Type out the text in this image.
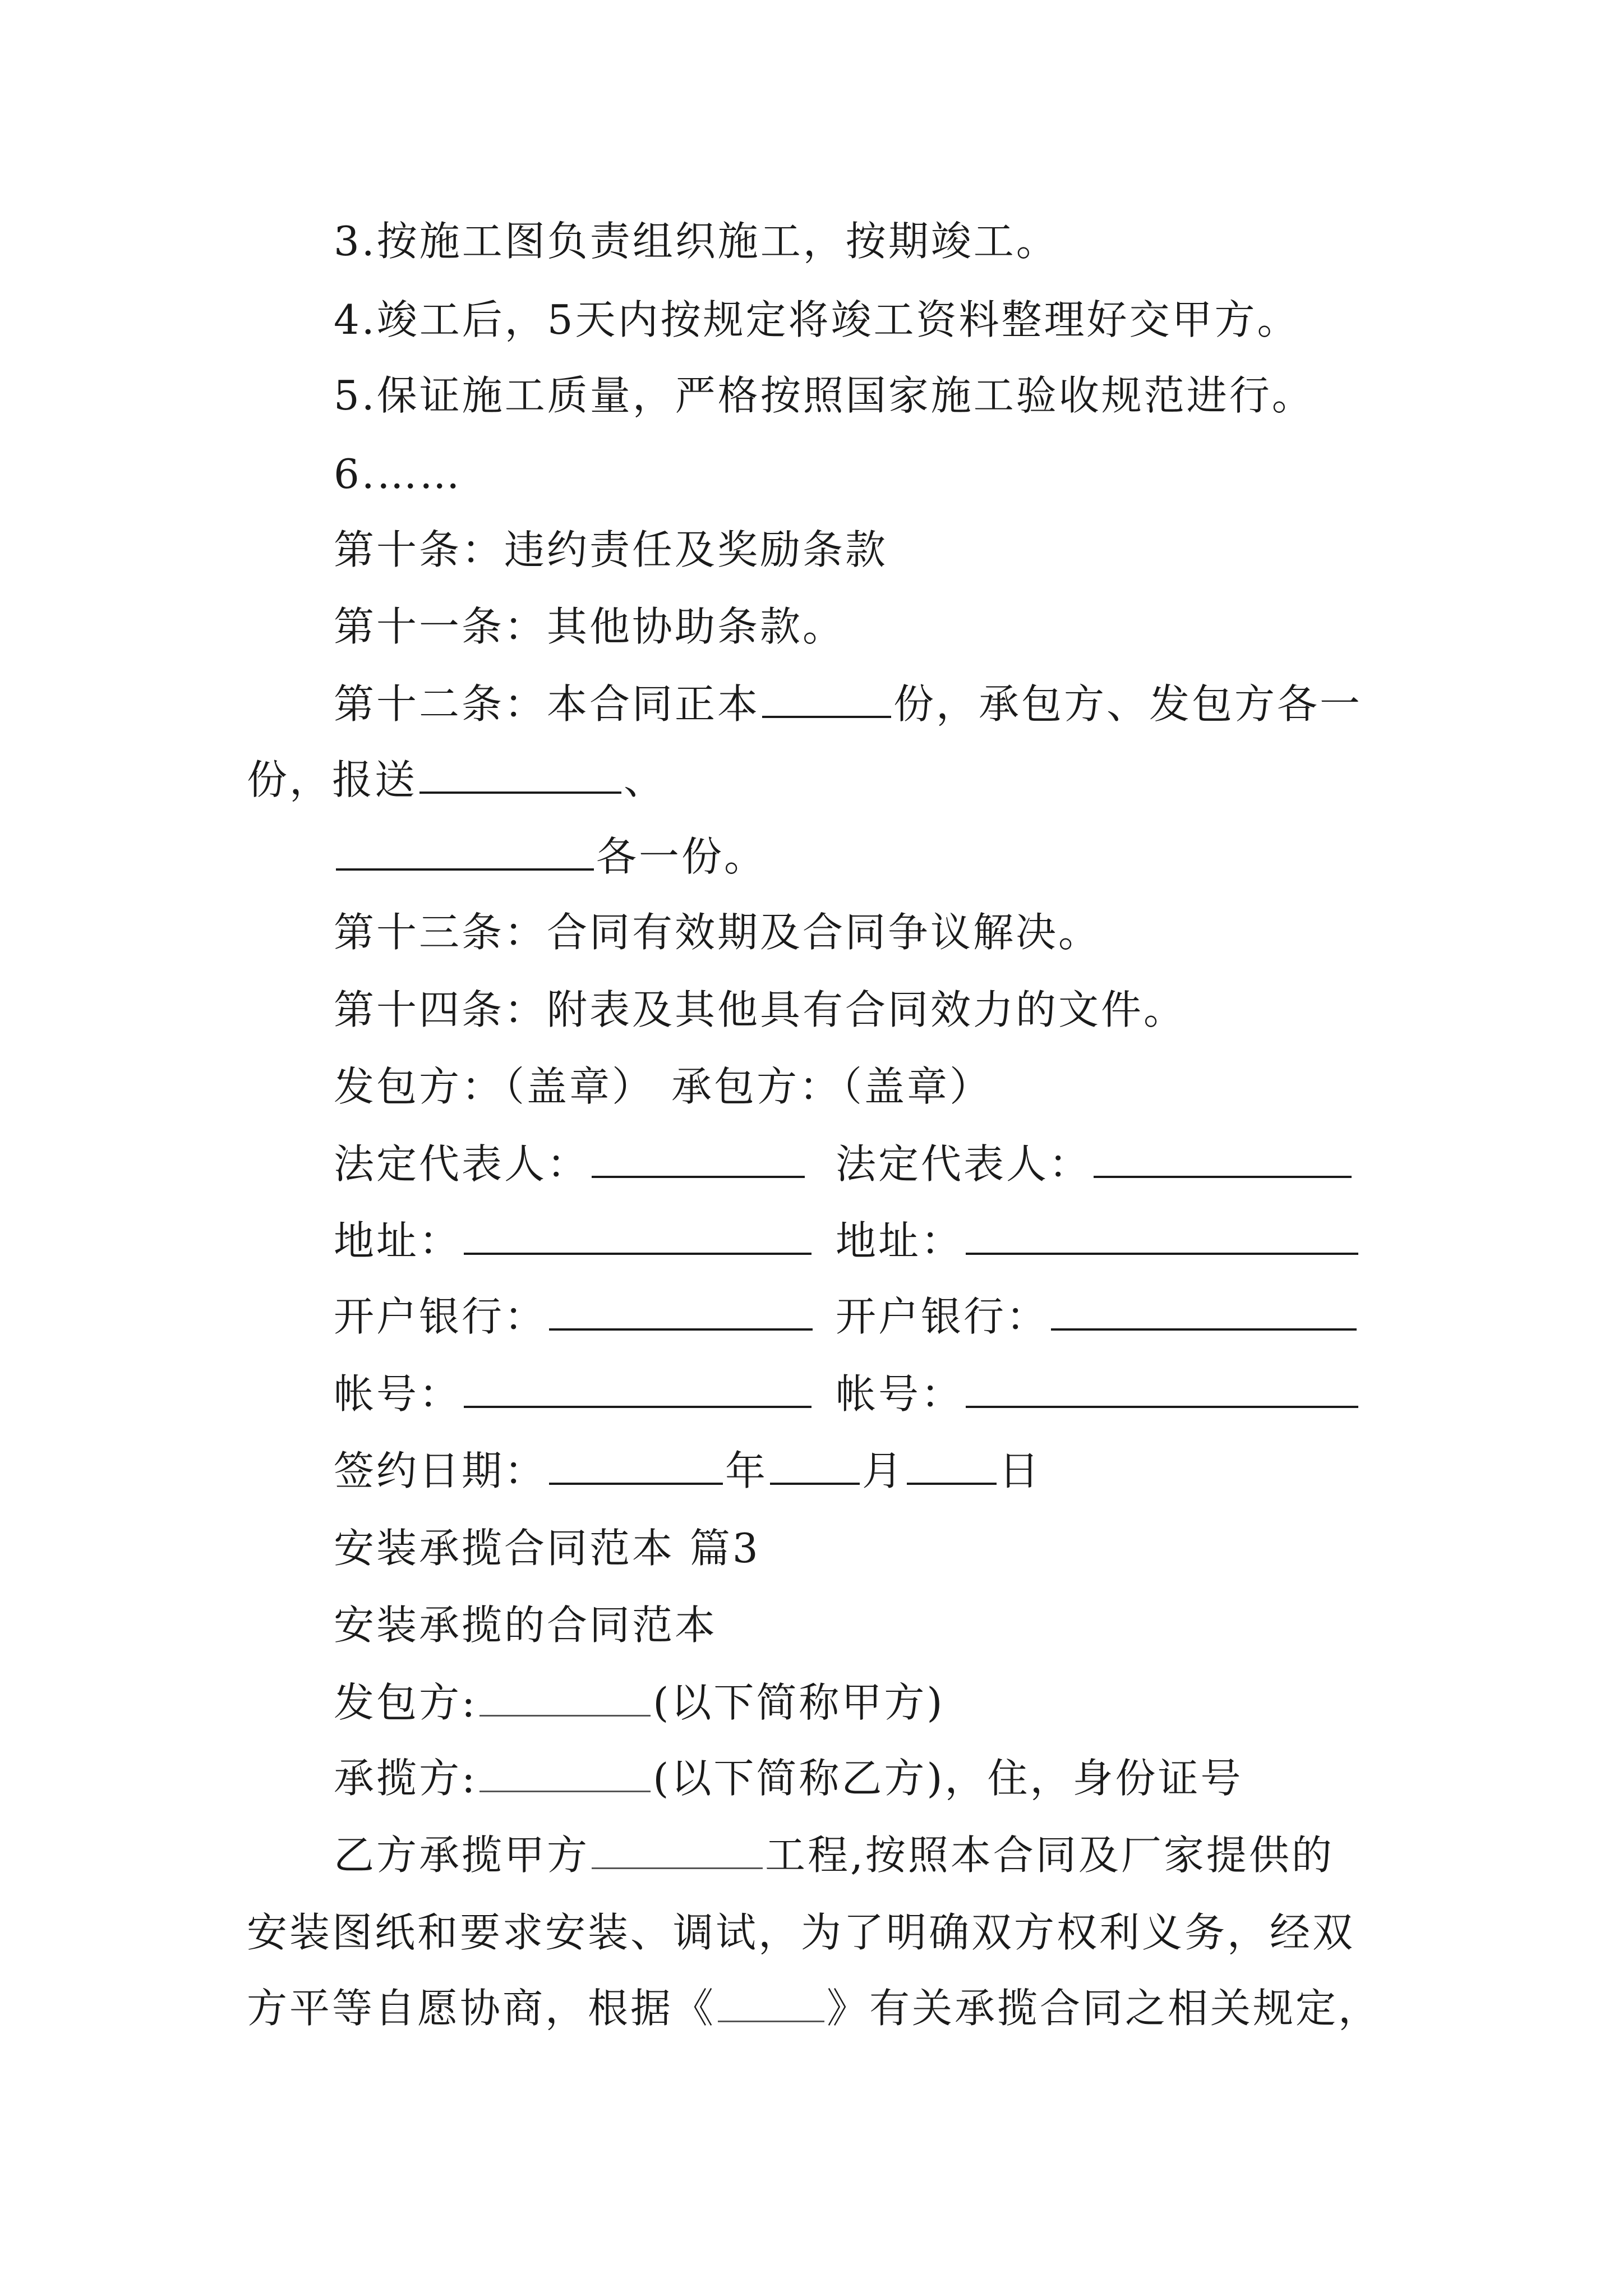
3.按施工图负责组织施工，按期竣工。
4.竣工后，5天内按规定将竣工资料整理好交甲方。
5.保证施工质量，严格按照国家施工验收规范进行。
6.……
第十条：违约责任及奖励条款
第十一条：其他协助条款。
第十二条：本合同正本	份，承包方、发包方各一
份，报送	、
各一份。
第十三条：合同有效期及合同争议解决。
第十四条：附表及其他具有合同效力的文件。
发包方：（盖章） 承包方：（盖章）
法定代表人：	法定代表人：
地址：	地址：
开户银行：	开户银行：
帐号：	帐号：
签约日期：	年 月 日
安装承揽合同范本 篇3
安装承揽的合同范本
发包方:	(以下简称甲方)
承揽方:	(以下简称乙方)，住，身份证号
乙方承揽甲方	工程,按照本合同及厂家提供的
安装图纸和要求安装、调试，为了明确双方权利义务，经双
方平等自愿协商，根据《	》有关承揽合同之相关规定，
